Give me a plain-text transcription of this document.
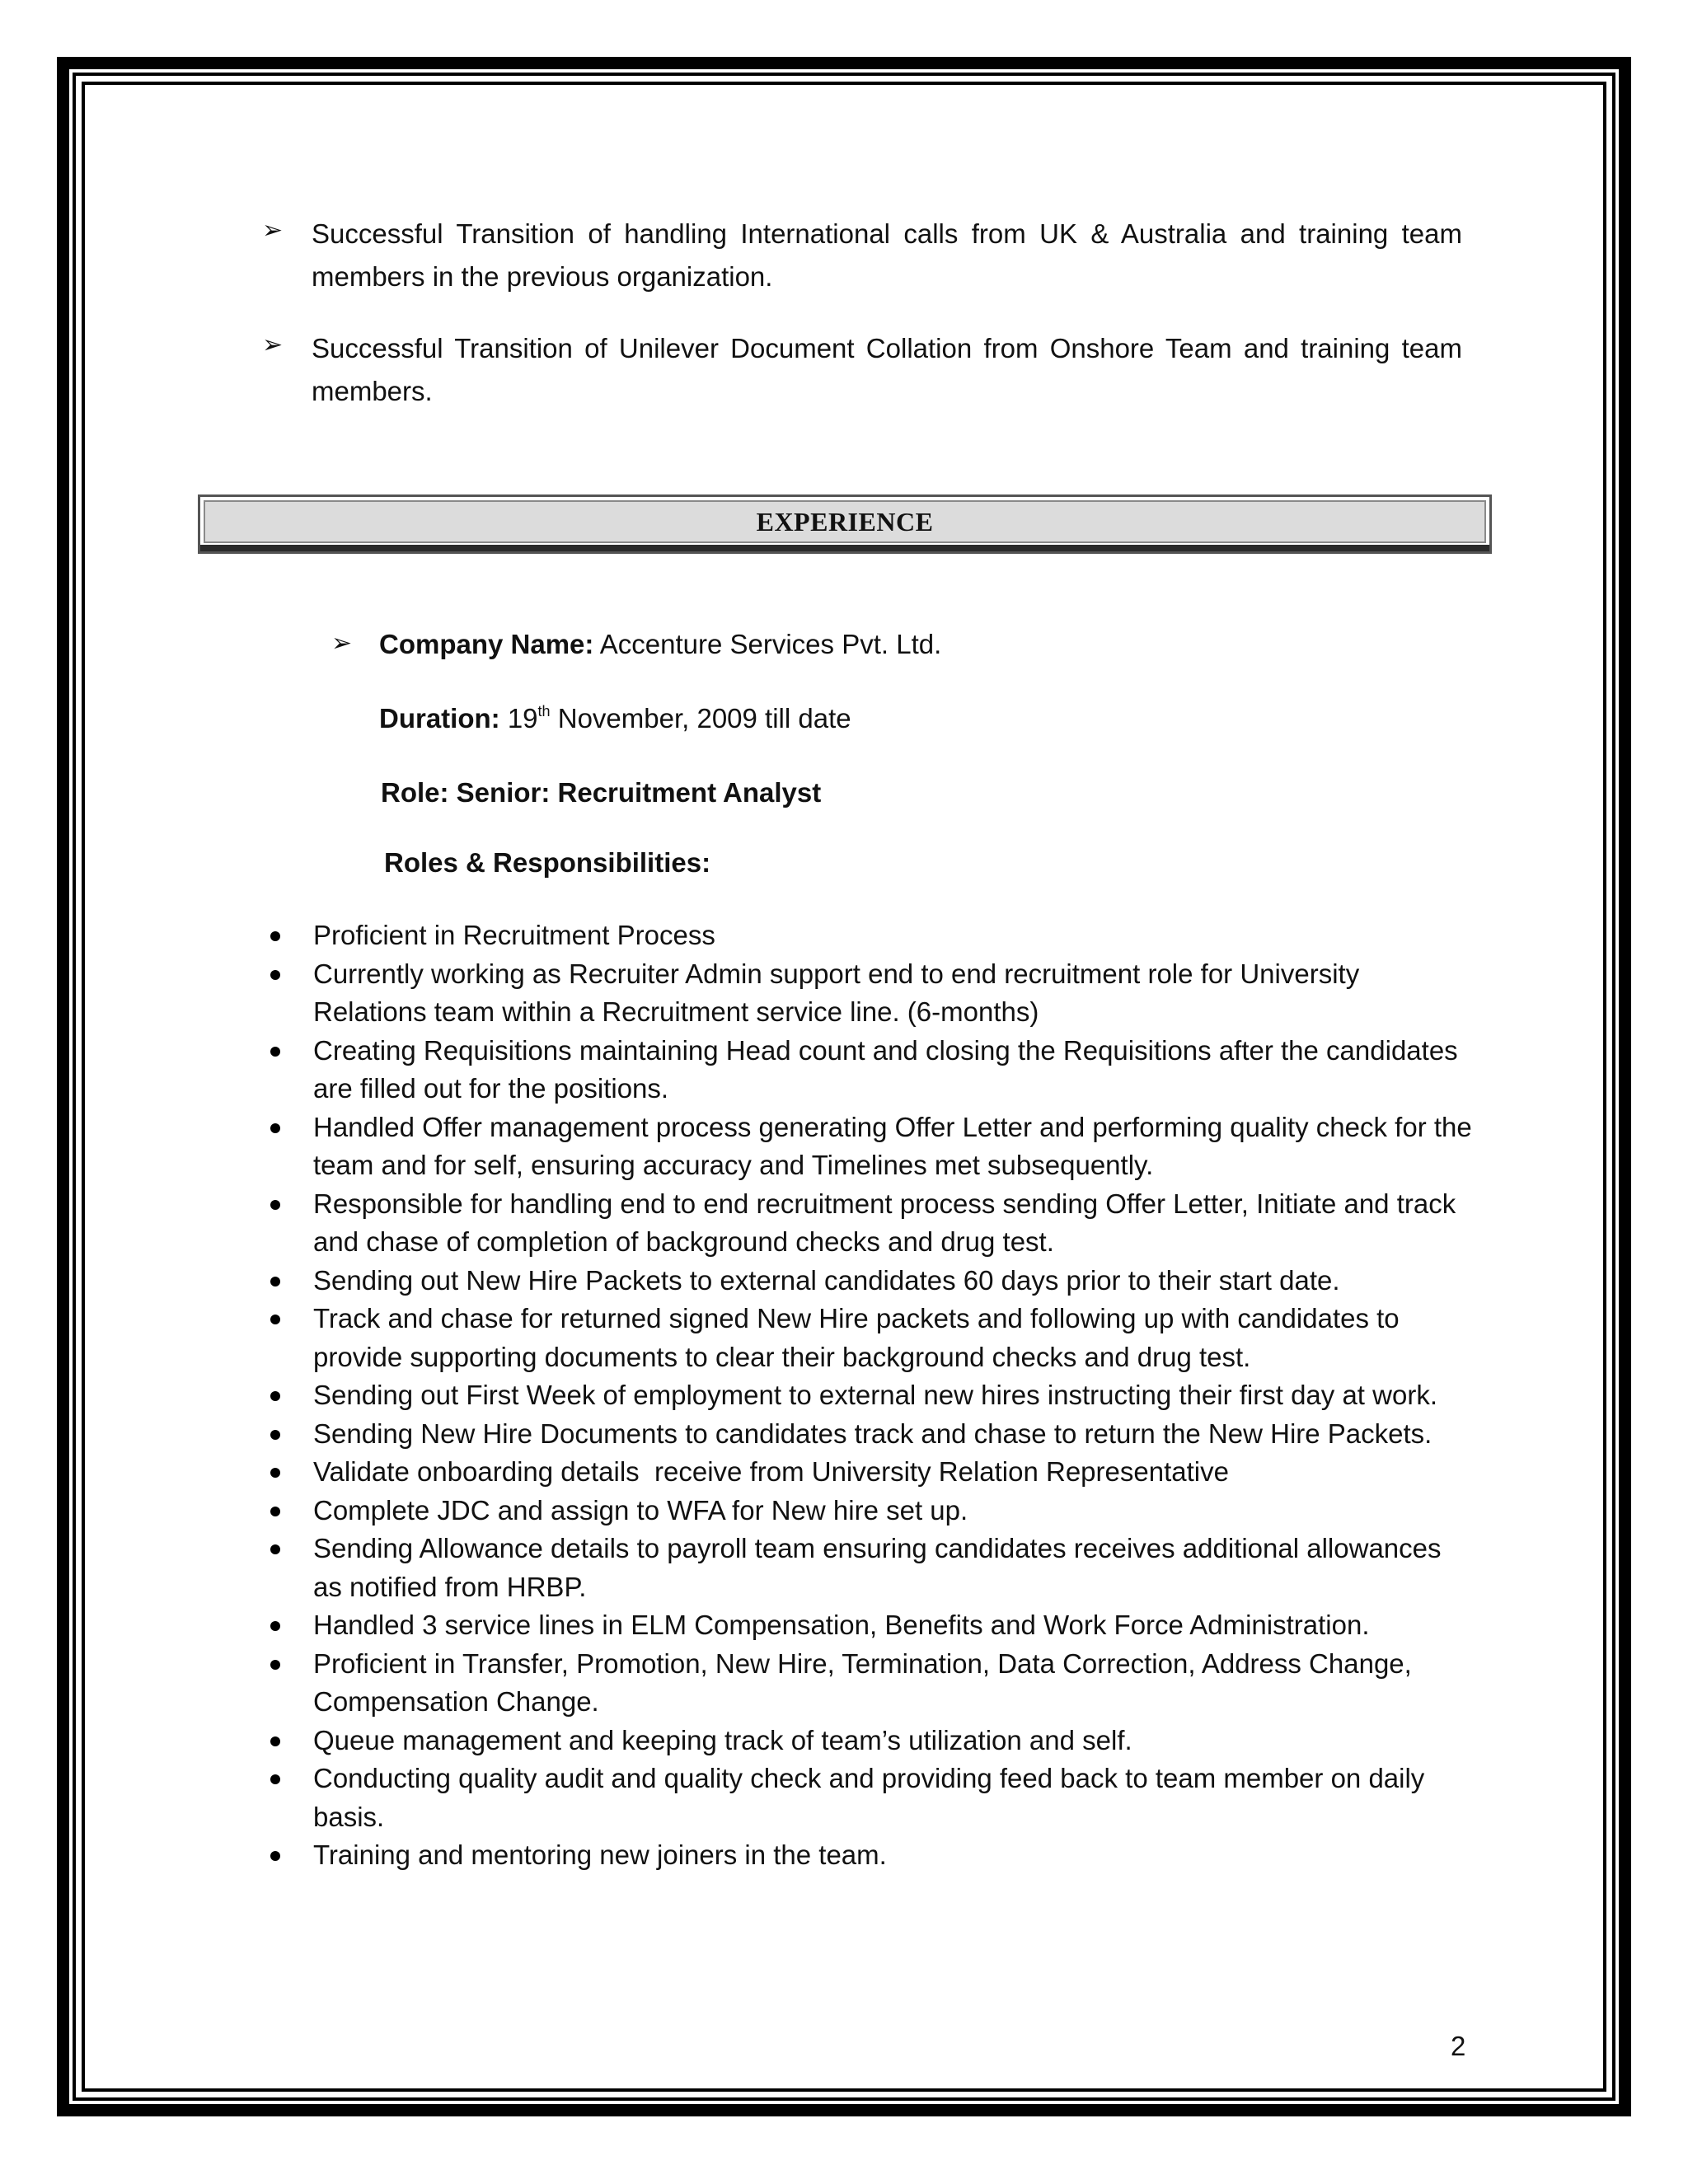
➢ Successful Transition of handling International calls from UK & Australia and training team members in the previous organization.
➢ Successful Transition of Unilever Document Collation from Onshore Team and training team members.
EXPERIENCE
➢ Company Name: Accenture Services Pvt. Ltd.
Duration: 19th November, 2009 till date
Role: Senior: Recruitment Analyst
Roles & Responsibilities:
Proficient in Recruitment Process
Currently working as Recruiter Admin support end to end recruitment role for University Relations team within a Recruitment service line. (6-months)
Creating Requisitions maintaining Head count and closing the Requisitions after the candidates are filled out for the positions.
Handled Offer management process generating Offer Letter and performing quality check for the team and for self, ensuring accuracy and Timelines met subsequently.
Responsible for handling end to end recruitment process sending Offer Letter, Initiate and track and chase of completion of background checks and drug test.
Sending out New Hire Packets to external candidates 60 days prior to their start date.
Track and chase for returned signed New Hire packets and following up with candidates to provide supporting documents to clear their background checks and drug test.
Sending out First Week of employment to external new hires instructing their first day at work.
Sending New Hire Documents to candidates track and chase to return the New Hire Packets.
Validate onboarding details  receive from University Relation Representative
Complete JDC and assign to WFA for New hire set up.
Sending Allowance details to payroll team ensuring candidates receives additional allowances as notified from HRBP.
Handled 3 service lines in ELM Compensation, Benefits and Work Force Administration.
Proficient in Transfer, Promotion, New Hire, Termination, Data Correction, Address Change, Compensation Change.
Queue management and keeping track of team’s utilization and self.
Conducting quality audit and quality check and providing feed back to team member on daily basis.
Training and mentoring new joiners in the team.
2
